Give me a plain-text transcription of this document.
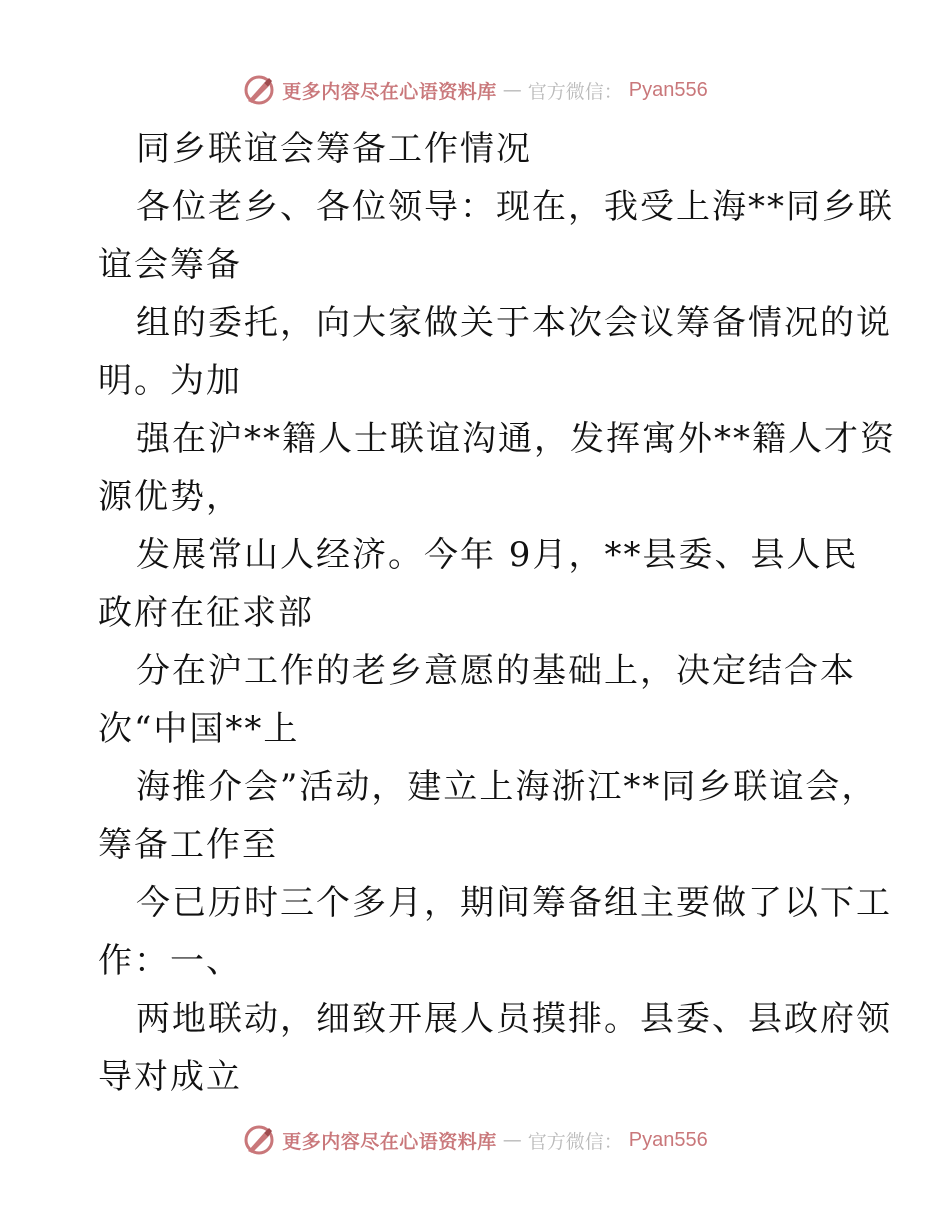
更多内容尽在心语资料库 — 官方微信： Pyan556
同乡联谊会筹备工作情况
各位老乡、各位领导：现在，我受上海**同乡联
谊会筹备
组的委托，向大家做关于本次会议筹备情况的说
明。为加
强在沪**籍人士联谊沟通，发挥寓外**籍人才资
源优势，
发展常山人经济。今年 9月，**县委、县人民
政府在征求部
分在沪工作的老乡意愿的基础上，决定结合本
次“中国**上
海推介会”活动，建立上海浙江**同乡联谊会，
筹备工作至
今已历时三个多月，期间筹备组主要做了以下工
作：一、
两地联动，细致开展人员摸排。县委、县政府领
导对成立
更多内容尽在心语资料库 — 官方微信： Pyan556
